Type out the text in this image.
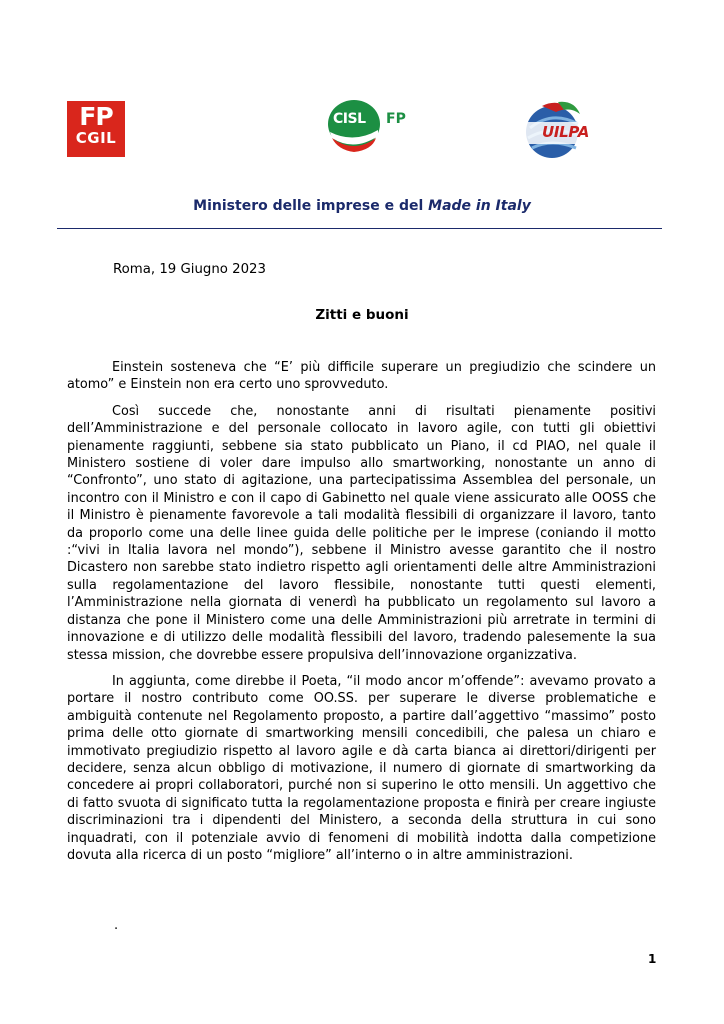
FP
CGIL
CISL FP
UILPA
Ministero delle imprese e del Made in Italy
Roma, 19 Giugno 2023
Zitti e buoni

Einstein sosteneva che “E’ più difficile superare un pregiudizio che scindere un atomo” e Einstein non era certo uno sprovveduto.

Così succede che, nonostante anni di risultati pienamente positivi dell’Amministrazione e del personale collocato in lavoro agile, con tutti gli obiettivi pienamente raggiunti, sebbene sia stato pubblicato un Piano, il cd PIAO, nel quale il Ministero sostiene di voler dare impulso allo smartworking, nonostante un anno di “Confronto”, uno stato di agitazione, una partecipatissima Assemblea del personale, un incontro con il Ministro e con il capo di Gabinetto nel quale viene assicurato alle OOSS che il Ministro è pienamente favorevole a tali modalità flessibili di organizzare il lavoro, tanto da proporlo come una delle linee guida delle politiche per le imprese (coniando il motto :“vivi in Italia lavora nel mondo”), sebbene il Ministro avesse garantito che il nostro Dicastero non sarebbe stato indietro rispetto agli orientamenti delle altre Amministrazioni sulla regolamentazione del lavoro flessibile, nonostante tutti questi elementi, l’Amministrazione nella giornata di venerdì ha pubblicato un regolamento sul lavoro a distanza che pone il Ministero come una delle Amministrazioni più arretrate in termini di innovazione e di utilizzo delle modalità flessibili del lavoro, tradendo palesemente la sua stessa mission, che dovrebbe essere propulsiva dell’innovazione organizzativa.

In aggiunta, come direbbe il Poeta, “il modo ancor m’offende”: avevamo provato a portare il nostro contributo come OO.SS. per superare le diverse problematiche e ambiguità contenute nel Regolamento proposto, a partire dall’aggettivo “massimo” posto prima delle otto giornate di smartworking mensili concedibili, che palesa un chiaro e immotivato pregiudizio rispetto al lavoro agile e dà carta bianca ai direttori/dirigenti per decidere, senza alcun obbligo di motivazione, il numero di giornate di smartworking da concedere ai propri collaboratori, purché non si superino le otto mensili. Un aggettivo che di fatto svuota di significato tutta la regolamentazione proposta e finirà per creare ingiuste discriminazioni tra i dipendenti del Ministero, a seconda della struttura in cui sono inquadrati, con il potenziale avvio di fenomeni di mobilità indotta dalla competizione dovuta alla ricerca di un posto “migliore” all’interno o in altre amministrazioni.

.
1
